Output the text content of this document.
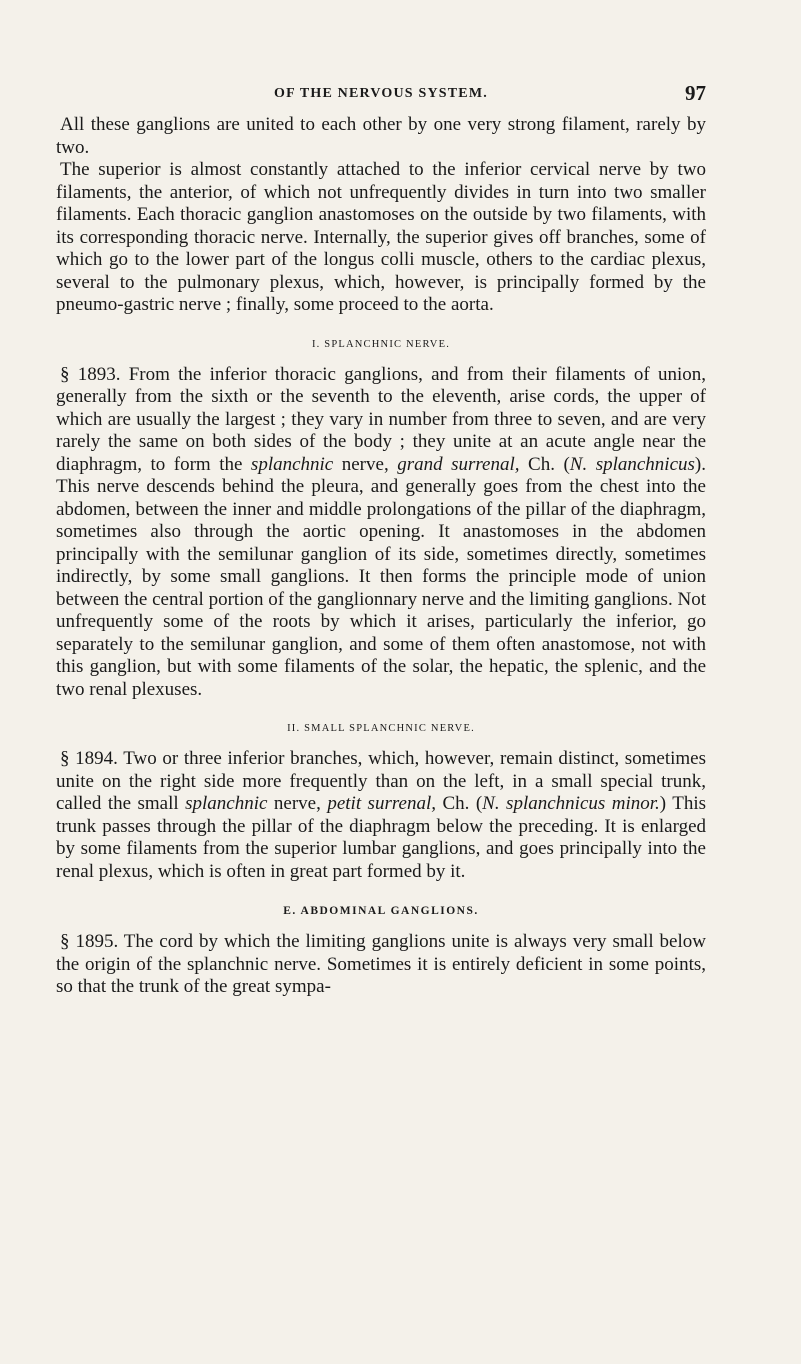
OF THE NERVOUS SYSTEM.	97

All these ganglions are united to each other by one very strong filament, rarely by two.

The superior is almost constantly attached to the inferior cervical nerve by two filaments, the anterior, of which not unfrequently divides in turn into two smaller filaments. Each thoracic ganglion anastomoses on the outside by two filaments, with its corresponding thoracic nerve. Internally, the superior gives off branches, some of which go to the lower part of the longus colli muscle, others to the cardiac plexus, several to the pulmonary plexus, which, however, is principally formed by the pneumo-gastric nerve ; finally, some proceed to the aorta.

I. SPLANCHNIC NERVE.

§ 1893. From the inferior thoracic ganglions, and from their filaments of union, generally from the sixth or the seventh to the eleventh, arise cords, the upper of which are usually the largest ; they vary in number from three to seven, and are very rarely the same on both sides of the body ; they unite at an acute angle near the diaphragm, to form the splanchnic nerve, grand surrenal, Ch. (N. splanchnicus). This nerve descends behind the pleura, and generally goes from the chest into the abdomen, between the inner and middle prolongations of the pillar of the diaphragm, sometimes also through the aortic opening. It anastomoses in the abdomen principally with the semilunar ganglion of its side, sometimes directly, sometimes indirectly, by some small ganglions. It then forms the principle mode of union between the central portion of the ganglionnary nerve and the limiting ganglions. Not unfrequently some of the roots by which it arises, particularly the inferior, go separately to the semilunar ganglion, and some of them often anastomose, not with this ganglion, but with some filaments of the solar, the hepatic, the splenic, and the two renal plexuses.

II. SMALL SPLANCHNIC NERVE.

§ 1894. Two or three inferior branches, which, however, remain distinct, sometimes unite on the right side more frequently than on the left, in a small special trunk, called the small splanchnic nerve, petit surrenal, Ch. (N. splanchnicus minor.) This trunk passes through the pillar of the diaphragm below the preceding. It is enlarged by some filaments from the superior lumbar ganglions, and goes principally into the renal plexus, which is often in great part formed by it.

E. ABDOMINAL GANGLIONS.

§ 1895. The cord by which the limiting ganglions unite is always very small below the origin of the splanchnic nerve. Sometimes it is entirely deficient in some points, so that the trunk of the great sympa-
